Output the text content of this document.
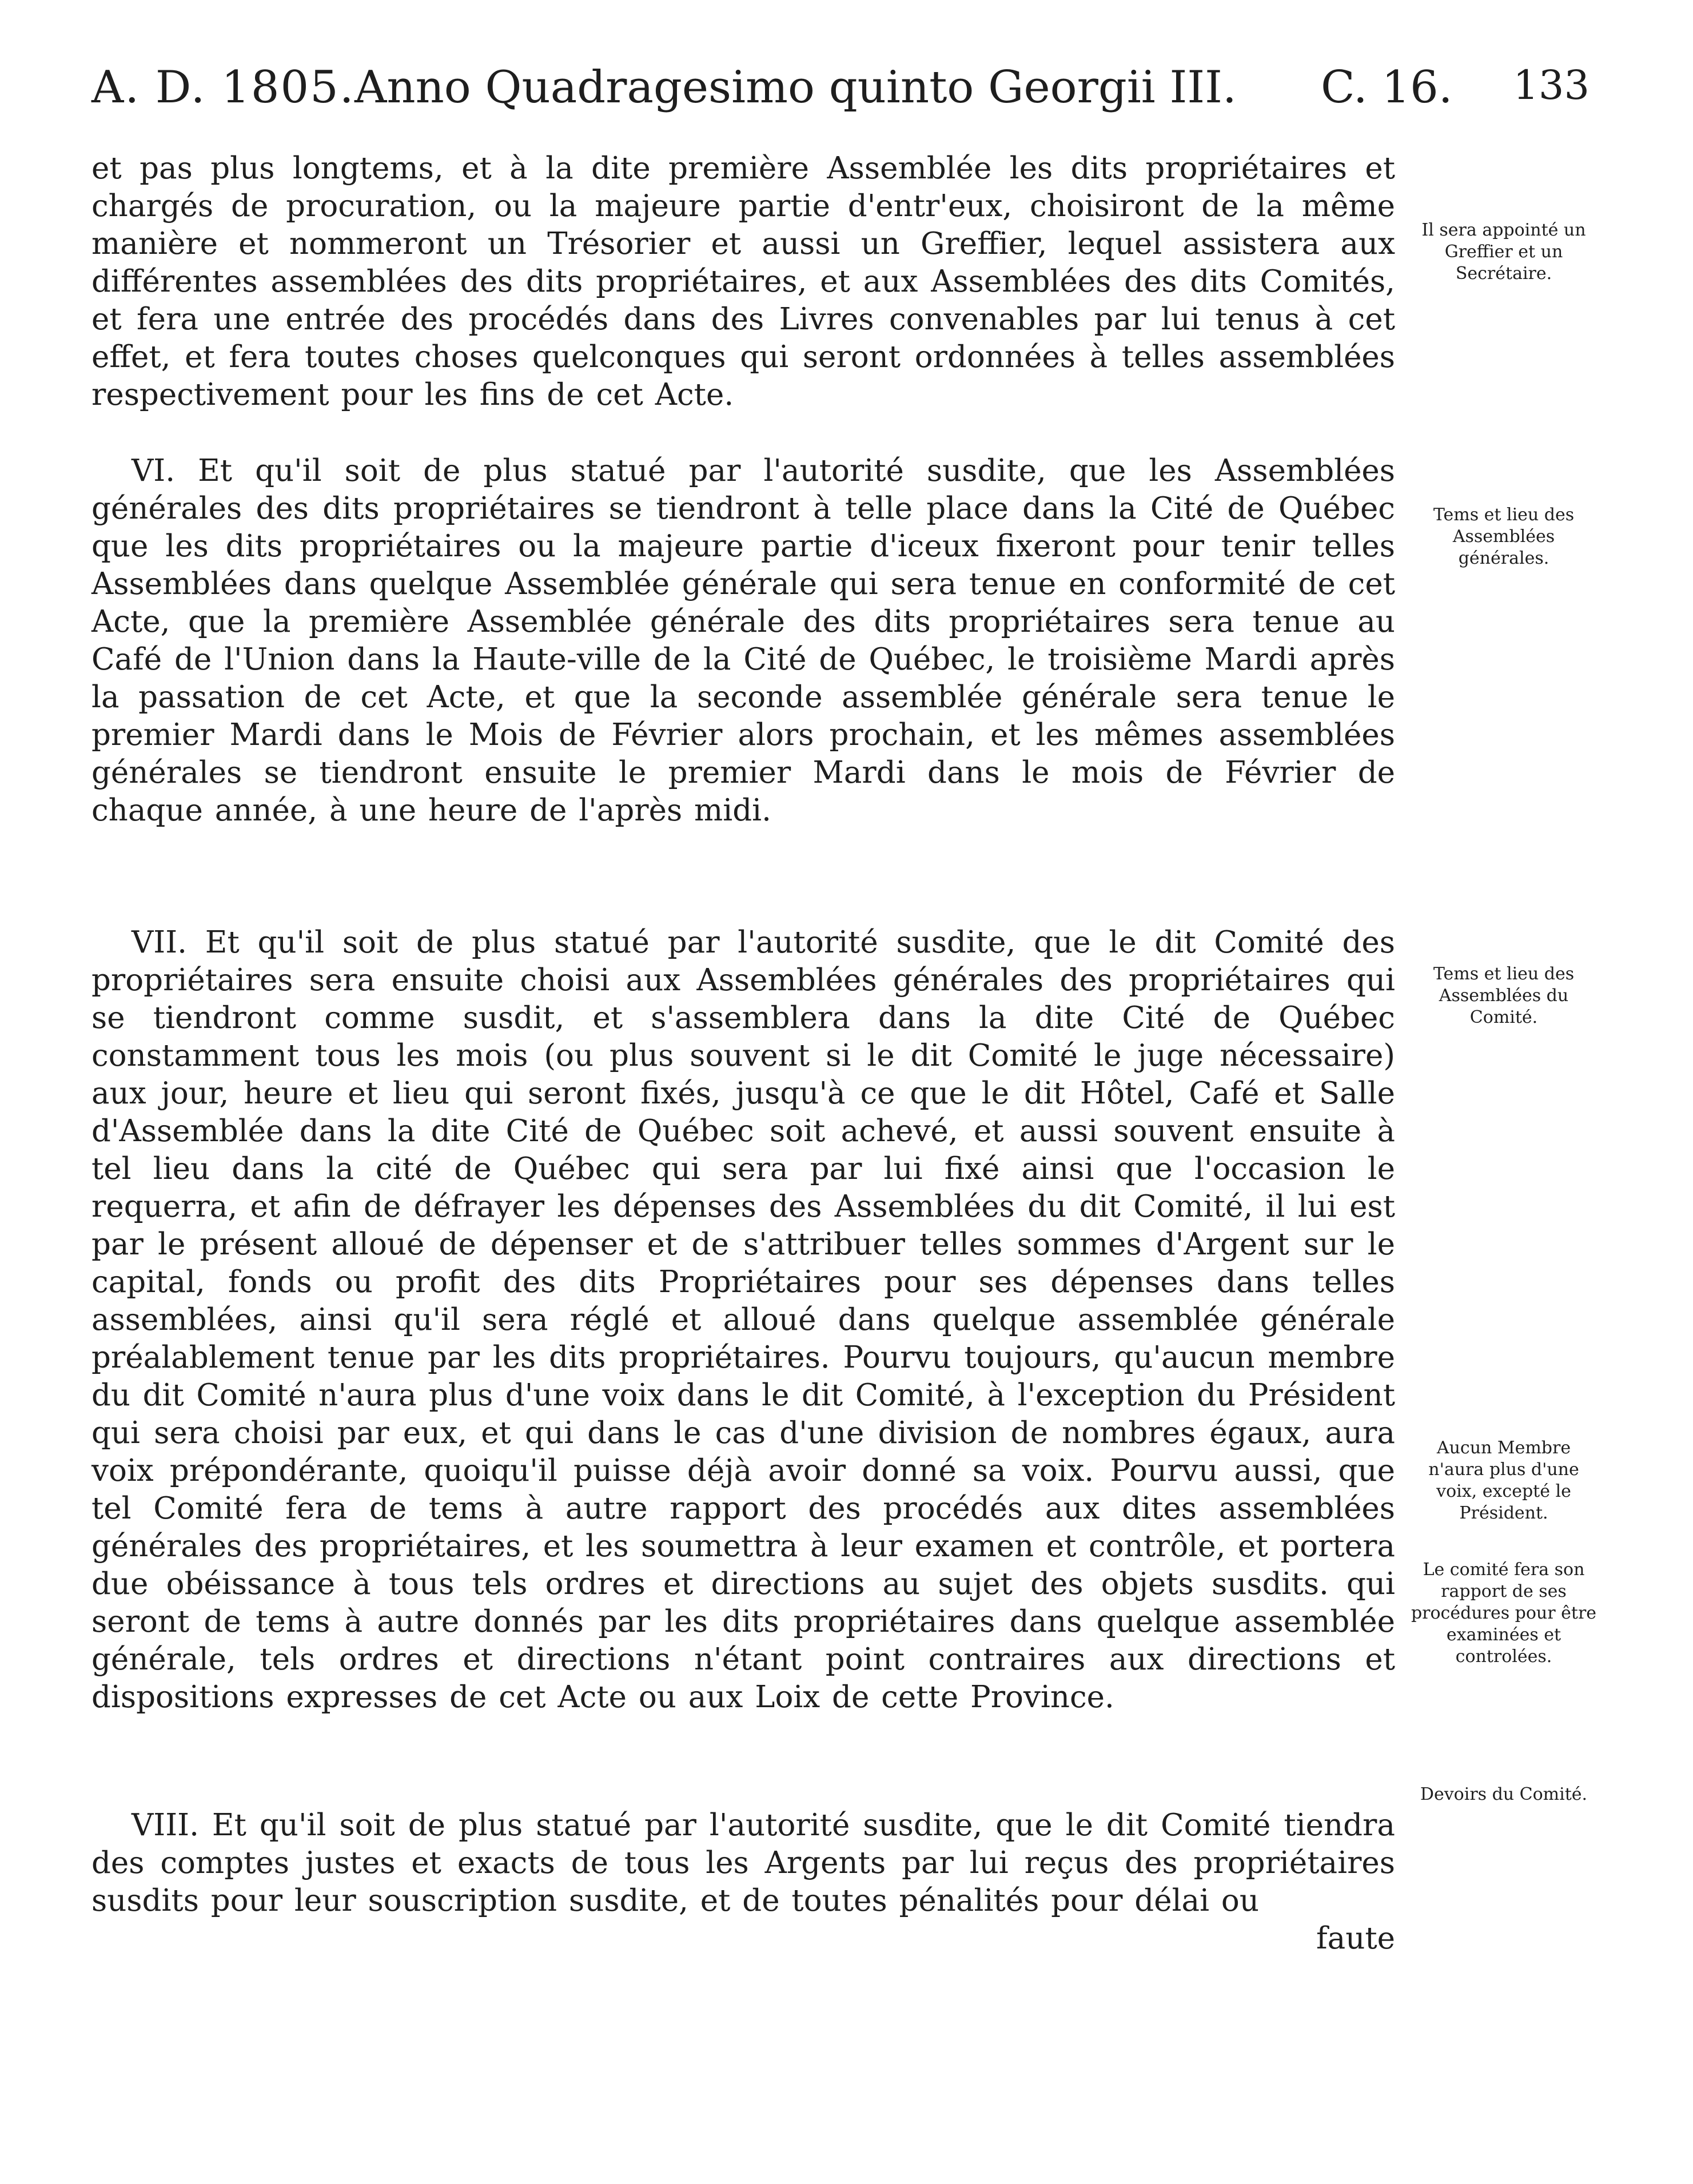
A. D. 1805. Anno Quadragesimo quinto Georgii III. C. 16. 133

et pas plus longtems, et à la dite première Assemblée les dits propriétaires et chargés de procuration, ou la majeure partie d'entr'eux, choisiront de la même manière et nommeront un Trésorier et aussi un Greffier, lequel assistera aux différentes assemblées des dits propriétaires, et aux Assemblées des dits Comités, et fera une entrée des procédés dans des Livres convenables par lui tenus à cet effet, et fera toutes choses quelconques qui seront ordonnées à telles assemblées respectivement pour les fins de cet Acte.

VI. Et qu'il soit de plus statué par l'autorité susdite, que les Assemblées générales des dits propriétaires se tiendront à telle place dans la Cité de Québec que les dits propriétaires ou la majeure partie d'iceux fixeront pour tenir telles Assemblées dans quelque Assemblée générale qui sera tenue en conformité de cet Acte, que la première Assemblée générale des dits propriétaires sera tenue au Café de l'Union dans la Haute-ville de la Cité de Québec, le troisième Mardi après la passation de cet Acte, et que la seconde assemblée générale sera tenue le premier Mardi dans le Mois de Février alors prochain, et les mêmes assemblées générales se tiendront ensuite le premier Mardi dans le mois de Février de chaque année, à une heure de l'après midi.

VII. Et qu'il soit de plus statué par l'autorité susdite, que le dit Comité des propriétaires sera ensuite choisi aux Assemblées générales des propriétaires qui se tiendront comme susdit, et s'assemblera dans la dite Cité de Québec constamment tous les mois (ou plus souvent si le dit Comité le juge nécessaire) aux jour, heure et lieu qui seront fixés, jusqu'à ce que le dit Hôtel, Café et Salle d'Assemblée dans la dite Cité de Québec soit achevé, et aussi souvent ensuite à tel lieu dans la cité de Québec qui sera par lui fixé ainsi que l'occasion le requerra, et afin de défrayer les dépenses des Assemblées du dit Comité, il lui est par le présent alloué de dépenser et de s'attribuer telles sommes d'Argent sur le capital, fonds ou profit des dits Propriétaires pour ses dépenses dans telles assemblées, ainsi qu'il sera réglé et alloué dans quelque assemblée générale préalablement tenue par les dits propriétaires. Pourvu toujours, qu'aucun membre du dit Comité n'aura plus d'une voix dans le dit Comité, à l'exception du Président qui sera choisi par eux, et qui dans le cas d'une division de nombres égaux, aura voix prépondérante, quoiqu'il puisse déjà avoir donné sa voix. Pourvu aussi, que tel Comité fera de tems à autre rapport des procédés aux dites assemblées générales des propriétaires, et les soumettra à leur examen et contrôle, et portera due obéissance à tous tels ordres et directions au sujet des objets susdits. qui seront de tems à autre donnés par les dits propriétaires dans quelque assemblée générale, tels ordres et directions n'étant point contraires aux directions et dispositions expresses de cet Acte ou aux Loix de cette Province.

VIII. Et qu'il soit de plus statué par l'autorité susdite, que le dit Comité tiendra des comptes justes et exacts de tous les Argents par lui reçus des propriétaires susdits pour leur souscription susdite, et de toutes pénalités pour délai ou

faute

Il sera appointé un Greffier et un Secrétaire.

Tems et lieu des Assemblées générales.

Tems et lieu des Assemblées du Comité.

Aucun Membre n'aura plus d'une voix, excepté le Président.

Le comité fera son rapport de ses procédures pour être examinées et controlées.

Devoirs du Comité.
